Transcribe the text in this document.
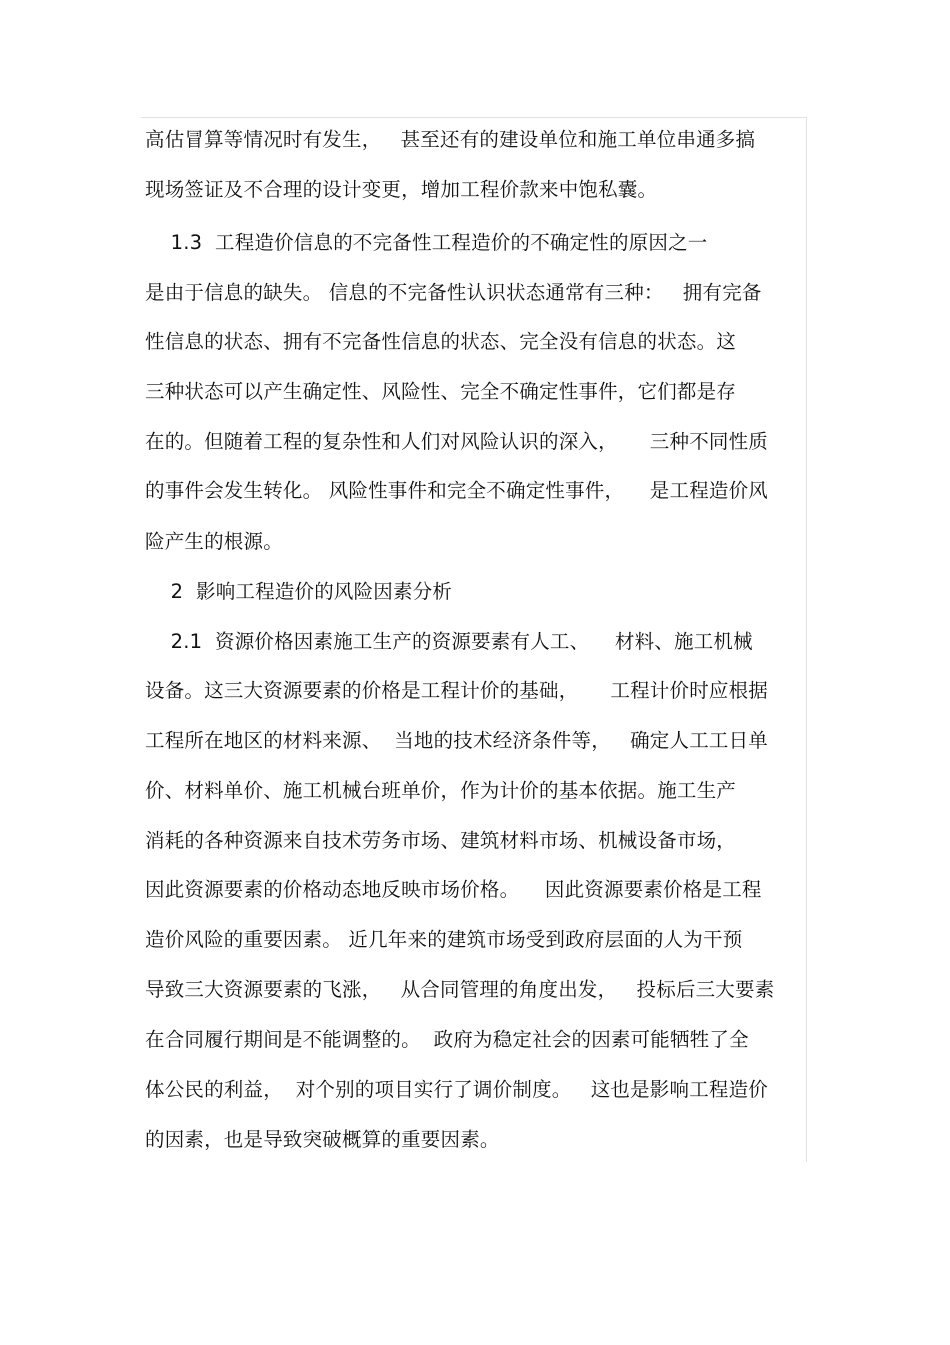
高估冒算等情况时有发生，   甚至还有的建设单位和施工单位串通多搞
现场签证及不合理的设计变更，增加工程价款来中饱私囊。
1.3  工程造价信息的不完备性工程造价的不确定性的原因之一
是由于信息的缺失。 信息的不完备性认识状态通常有三种：   拥有完备
性信息的状态、拥有不完备性信息的状态、完全没有信息的状态。这
三种状态可以产生确定性、风险性、完全不确定性事件，它们都是存
在的。但随着工程的复杂性和人们对风险认识的深入，     三种不同性质
的事件会发生转化。 风险性事件和完全不确定性事件，    是工程造价风
险产生的根源。
2  影响工程造价的风险因素分析
2.1  资源价格因素施工生产的资源要素有人工、    材料、施工机械
设备。这三大资源要素的价格是工程计价的基础，     工程计价时应根据
工程所在地区的材料来源、  当地的技术经济条件等，   确定人工工日单
价、材料单价、施工机械台班单价，作为计价的基本依据。施工生产
消耗的各种资源来自技术劳务市场、建筑材料市场、机械设备市场，
因此资源要素的价格动态地反映市场价格。    因此资源要素价格是工程
造价风险的重要因素。 近几年来的建筑市场受到政府层面的人为干预
导致三大资源要素的飞涨，   从合同管理的角度出发，   投标后三大要素
在合同履行期间是不能调整的。  政府为稳定社会的因素可能牺牲了全
体公民的利益，  对个别的项目实行了调价制度。   这也是影响工程造价
的因素，也是导致突破概算的重要因素。
